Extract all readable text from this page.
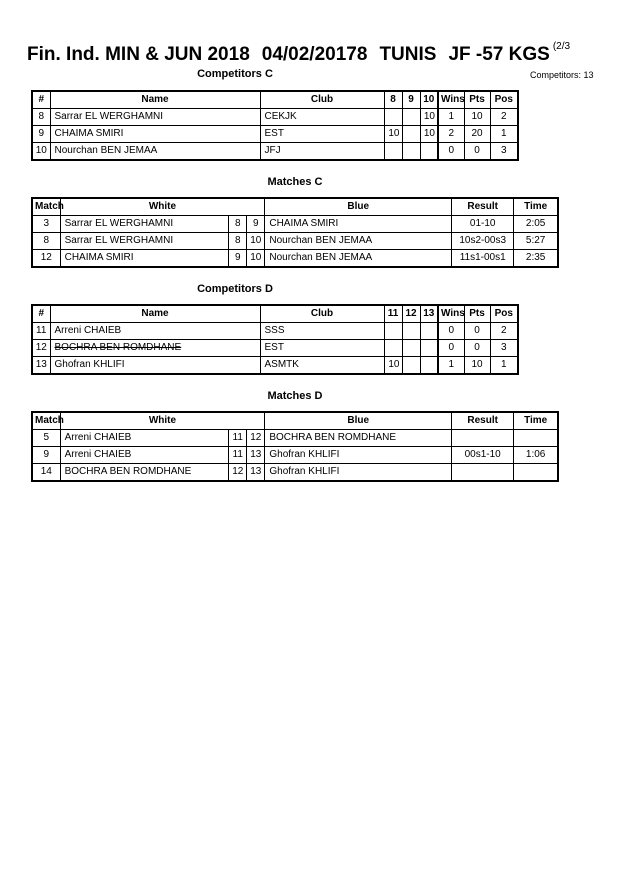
Fin. Ind. MIN & JUN 2018 04/02/20178 TUNIS JF -57 KGS $^{(2/3}$
Competitors: 13
Competitors C
#	Name	Club	8	9	10	Wins	Pts	Pos
8	Sarrar EL WERGHAMNI	CEKJK			10	1	10	2
9	CHAIMA SMIRI	EST	10		10	2	20	1
10	Nourchan BEN JEMAA	JFJ				0	0	3
Matches C
Match	White			Blue	Result	Time
3	Sarrar EL WERGHAMNI	8	9	CHAIMA SMIRI	01-10	2:05
8	Sarrar EL WERGHAMNI	8	10	Nourchan BEN JEMAA	10s2-00s3	5:27
12	CHAIMA SMIRI	9	10	Nourchan BEN JEMAA	11s1-00s1	2:35
Competitors D
#	Name	Club	11	12	13	Wins	Pts	Pos
11	Arreni CHAIEB	SSS				0	0	2
12	BOCHRA BEN ROMDHANE	EST				0	0	3
13	Ghofran KHLIFI	ASMTK	10			1	10	1
Matches D
Match	White			Blue	Result	Time
5	Arreni CHAIEB	11	12	BOCHRA BEN ROMDHANE		
9	Arreni CHAIEB	11	13	Ghofran KHLIFI	00s1-10	1:06
14	BOCHRA BEN ROMDHANE	12	13	Ghofran KHLIFI		
